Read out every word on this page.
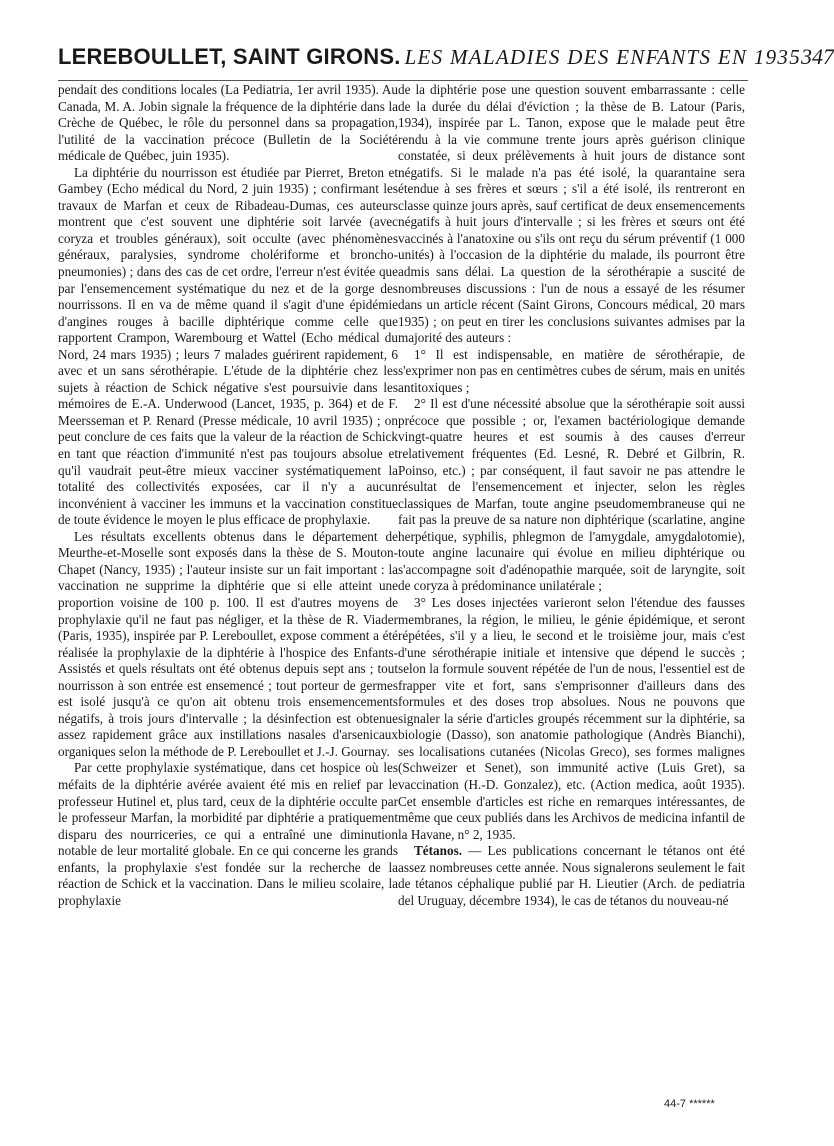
LEREBOULLET, SAINT GIRONS. LES MALADIES DES ENFANTS EN 1935 347

pendait des conditions locales (La Pediatria, 1er avril 1935). Au Canada, M. A. Jobin signale la fréquence de la diphtérie dans la Crèche de Québec, le rôle du personnel dans sa propagation, l'utilité de la vaccination précoce (Bulletin de la Société médicale de Québec, juin 1935).

La diphtérie du nourrisson est étudiée par Pierret, Breton et Gambey (Echo médical du Nord, 2 juin 1935) ; confirmant les travaux de Marfan et ceux de Ribadeau-Dumas, ces auteurs montrent que c'est souvent une diphtérie soit larvée (avec coryza et troubles généraux), soit occulte (avec phénomènes généraux, paralysies, syndrome cholériforme et broncho-pneumonies) ; dans des cas de cet ordre, l'erreur n'est évitée que par l'ensemencement systématique du nez et de la gorge des nourrissons. Il en va de même quand il s'agit d'une épidémie d'angines rouges à bacille diphtérique comme celle que rapportent Crampon, Warembourg et Wattel (Echo médical du Nord, 24 mars 1935) ; leurs 7 malades guérirent rapidement, 6 avec et un sans sérothérapie. L'étude de la diphtérie chez les sujets à réaction de Schick négative s'est poursuivie dans les mémoires de E.-A. Underwood (Lancet, 1935, p. 364) et de F. Meersseman et P. Renard (Presse médicale, 10 avril 1935) ; on peut conclure de ces faits que la valeur de la réaction de Schick en tant que réaction d'immunité n'est pas toujours absolue et qu'il vaudrait peut-être mieux vacciner systématiquement la totalité des collectivités exposées, car il n'y a aucun inconvénient à vacciner les immuns et la vaccination constitue de toute évidence le moyen le plus efficace de prophylaxie.

Les résultats excellents obtenus dans le département de Meurthe-et-Moselle sont exposés dans la thèse de S. Mouton-Chapet (Nancy, 1935) ; l'auteur insiste sur un fait important : la vaccination ne supprime la diphtérie que si elle atteint une proportion voisine de 100 p. 100. Il est d'autres moyens de prophylaxie qu'il ne faut pas négliger, et la thèse de R. Viader (Paris, 1935), inspirée par P. Lereboullet, expose comment a été réalisée la prophylaxie de la diphtérie à l'hospice des Enfants-Assistés et quels résultats ont été obtenus depuis sept ans ; tout nourrisson à son entrée est ensemencé ; tout porteur de germes est isolé jusqu'à ce qu'on ait obtenu trois ensemencements négatifs, à trois jours d'intervalle ; la désinfection est obtenue assez rapidement grâce aux instillations nasales d'arsenicaux organiques selon la méthode de P. Lereboullet et J.-J. Gournay.

Par cette prophylaxie systématique, dans cet hospice où les méfaits de la diphtérie avérée avaient été mis en relief par le professeur Hutinel et, plus tard, ceux de la diphtérie occulte par le professeur Marfan, la morbidité par diphtérie a pratiquement disparu des nourriceries, ce qui a entraîné une diminution notable de leur mortalité globale. En ce qui concerne les grands enfants, la prophylaxie s'est fondée sur la recherche de la réaction de Schick et la vaccination. Dans le milieu scolaire, la prophylaxie

de la diphtérie pose une question souvent embarrassante : celle de la durée du délai d'éviction ; la thèse de B. Latour (Paris, 1934), inspirée par L. Tanon, expose que le malade peut être rendu à la vie commune trente jours après guérison clinique constatée, si deux prélèvements à huit jours de distance sont négatifs. Si le malade n'a pas été isolé, la quarantaine sera étendue à ses frères et sœurs ; s'il a été isolé, ils rentreront en classe quinze jours après, sauf certificat de deux ensemencements négatifs à huit jours d'intervalle ; si les frères et sœurs ont été vaccinés à l'anatoxine ou s'ils ont reçu du sérum préventif (1 000 unités) à l'occasion de la diphtérie du malade, ils pourront être admis sans délai. La question de la sérothérapie a suscité de nombreuses discussions : l'un de nous a essayé de les résumer dans un article récent (Saint Girons, Concours médical, 20 mars 1935) ; on peut en tirer les conclusions suivantes admises par la majorité des auteurs :

1° Il est indispensable, en matière de sérothérapie, de s'exprimer non pas en centimètres cubes de sérum, mais en unités antitoxiques ;

2° Il est d'une nécessité absolue que la sérothérapie soit aussi précoce que possible ; or, l'examen bactériologique demande vingt-quatre heures et est soumis à des causes d'erreur relativement fréquentes (Ed. Lesné, R. Debré et Gilbrin, R. Poinso, etc.) ; par conséquent, il faut savoir ne pas attendre le résultat de l'ensemencement et injecter, selon les règles classiques de Marfan, toute angine pseudomembraneuse qui ne fait pas la preuve de sa nature non diphtérique (scarlatine, angine herpétique, syphilis, phlegmon de l'amygdale, amygdalotomie), toute angine lacunaire qui évolue en milieu diphtérique ou s'accompagne soit d'adénopathie marquée, soit de laryngite, soit de coryza à prédominance unilatérale ;

3° Les doses injectées varieront selon l'étendue des fausses membranes, la région, le milieu, le génie épidémique, et seront répétées, s'il y a lieu, le second et le troisième jour, mais c'est d'une sérothérapie initiale et intensive que dépend le succès ; selon la formule souvent répétée de l'un de nous, l'essentiel est de frapper vite et fort, sans s'emprisonner d'ailleurs dans des formules et des doses trop absolues. Nous ne pouvons que signaler la série d'articles groupés récemment sur la diphtérie, sa biologie (Dasso), son anatomie pathologique (Andrès Bianchi), ses localisations cutanées (Nicolas Greco), ses formes malignes (Schweizer et Senet), son immunité active (Luis Gret), sa vaccination (H.-D. Gonzalez), etc. (Action medica, août 1935). Cet ensemble d'articles est riche en remarques intéressantes, de même que ceux publiés dans les Archivos de medicina infantil de la Havane, n° 2, 1935.

Tétanos. — Les publications concernant le tétanos ont été assez nombreuses cette année. Nous signalerons seulement le fait de tétanos céphalique publié par H. Lieutier (Arch. de pediatria del Uruguay, décembre 1934), le cas de tétanos du nouveau-né

44-7 ******
